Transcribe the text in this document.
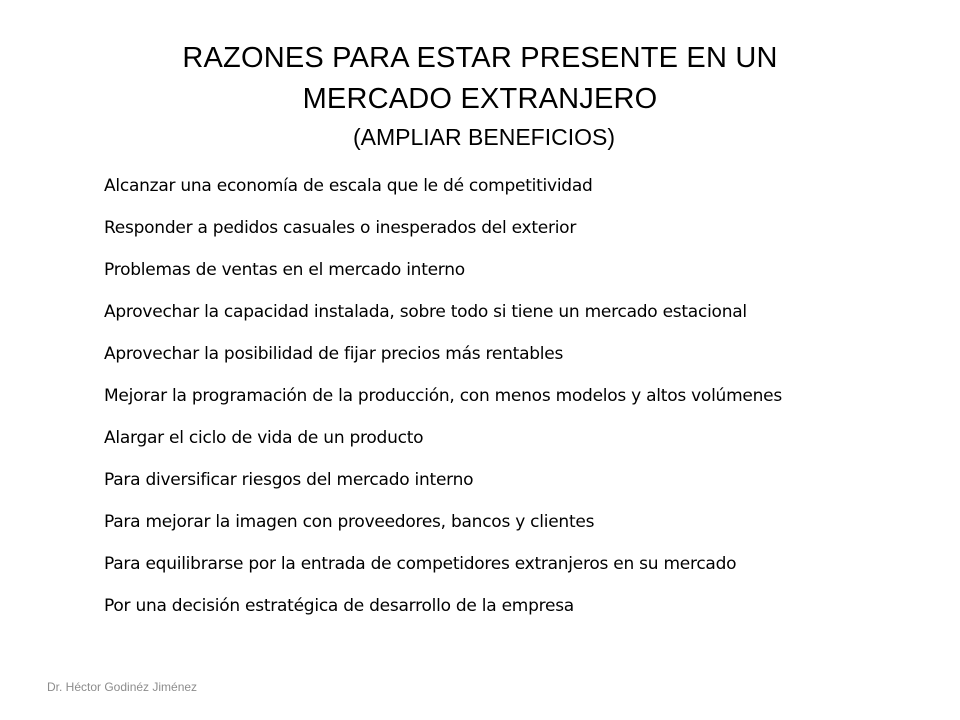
RAZONES PARA ESTAR PRESENTE EN UN
MERCADO EXTRANJERO
(AMPLIAR BENEFICIOS)
Alcanzar una economía de escala que le dé competitividad
Responder a pedidos casuales o inesperados del exterior
Problemas de ventas en el mercado interno
Aprovechar la capacidad instalada, sobre todo si tiene un mercado estacional
Aprovechar la posibilidad de fijar precios más rentables
Mejorar la programación de la producción, con menos modelos y altos volúmenes
Alargar el ciclo de vida de un producto
Para diversificar riesgos del mercado interno
Para mejorar la imagen con proveedores, bancos y clientes
Para equilibrarse por la entrada de competidores extranjeros en su mercado
Por una decisión estratégica de desarrollo de la empresa
Dr. Héctor Godinéz Jiménez
